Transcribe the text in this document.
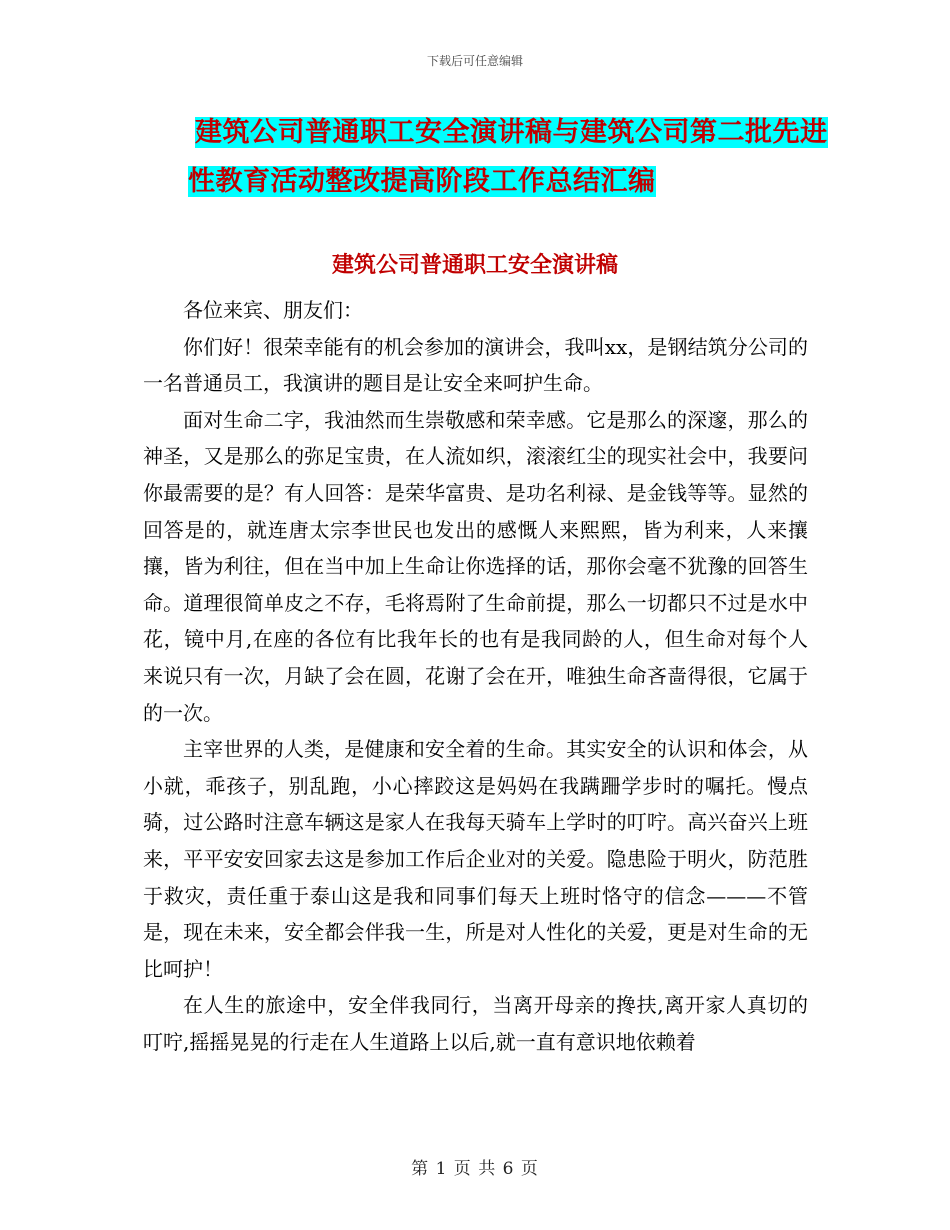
下载后可任意编辑
建筑公司普通职工安全演讲稿与建筑公司第二批先进
性教育活动整改提高阶段工作总结汇编
建筑公司普通职工安全演讲稿

各位来宾、朋友们：

你们好！很荣幸能有的机会参加的演讲会，我叫xx，是钢结筑分公司的一名普通员工，我演讲的题目是让安全来呵护生命。

面对生命二字，我油然而生崇敬感和荣幸感。它是那么的深邃，那么的神圣，又是那么的弥足宝贵，在人流如织，滚滚红尘的现实社会中，我要问你最需要的是？有人回答：是荣华富贵、是功名利禄、是金钱等等。显然的回答是的，就连唐太宗李世民也发出的感慨人来熙熙，皆为利来，人来攘攘，皆为利往，但在当中加上生命让你选择的话，那你会毫不犹豫的回答生命。道理很简单皮之不存，毛将焉附了生命前提，那么一切都只不过是水中花，镜中月,在座的各位有比我年长的也有是我同龄的人，但生命对每个人来说只有一次，月缺了会在圆，花谢了会在开，唯独生命吝啬得很，它属于的一次。

主宰世界的人类，是健康和安全着的生命。其实安全的认识和体会，从小就，乖孩子，别乱跑，小心摔跤这是妈妈在我蹒跚学步时的嘱托。慢点骑，过公路时注意车辆这是家人在我每天骑车上学时的叮咛。高兴奋兴上班来，平平安安回家去这是参加工作后企业对的关爱。隐患险于明火，防范胜于救灾，责任重于泰山这是我和同事们每天上班时恪守的信念———不管是，现在未来，安全都会伴我一生，所是对人性化的关爱，更是对生命的无比呵护！

在人生的旅途中，安全伴我同行，当离开母亲的搀扶,离开家人真切的叮咛,摇摇晃晃的行走在人生道路上以后,就一直有意识地依赖着

第 1 页 共 6 页
